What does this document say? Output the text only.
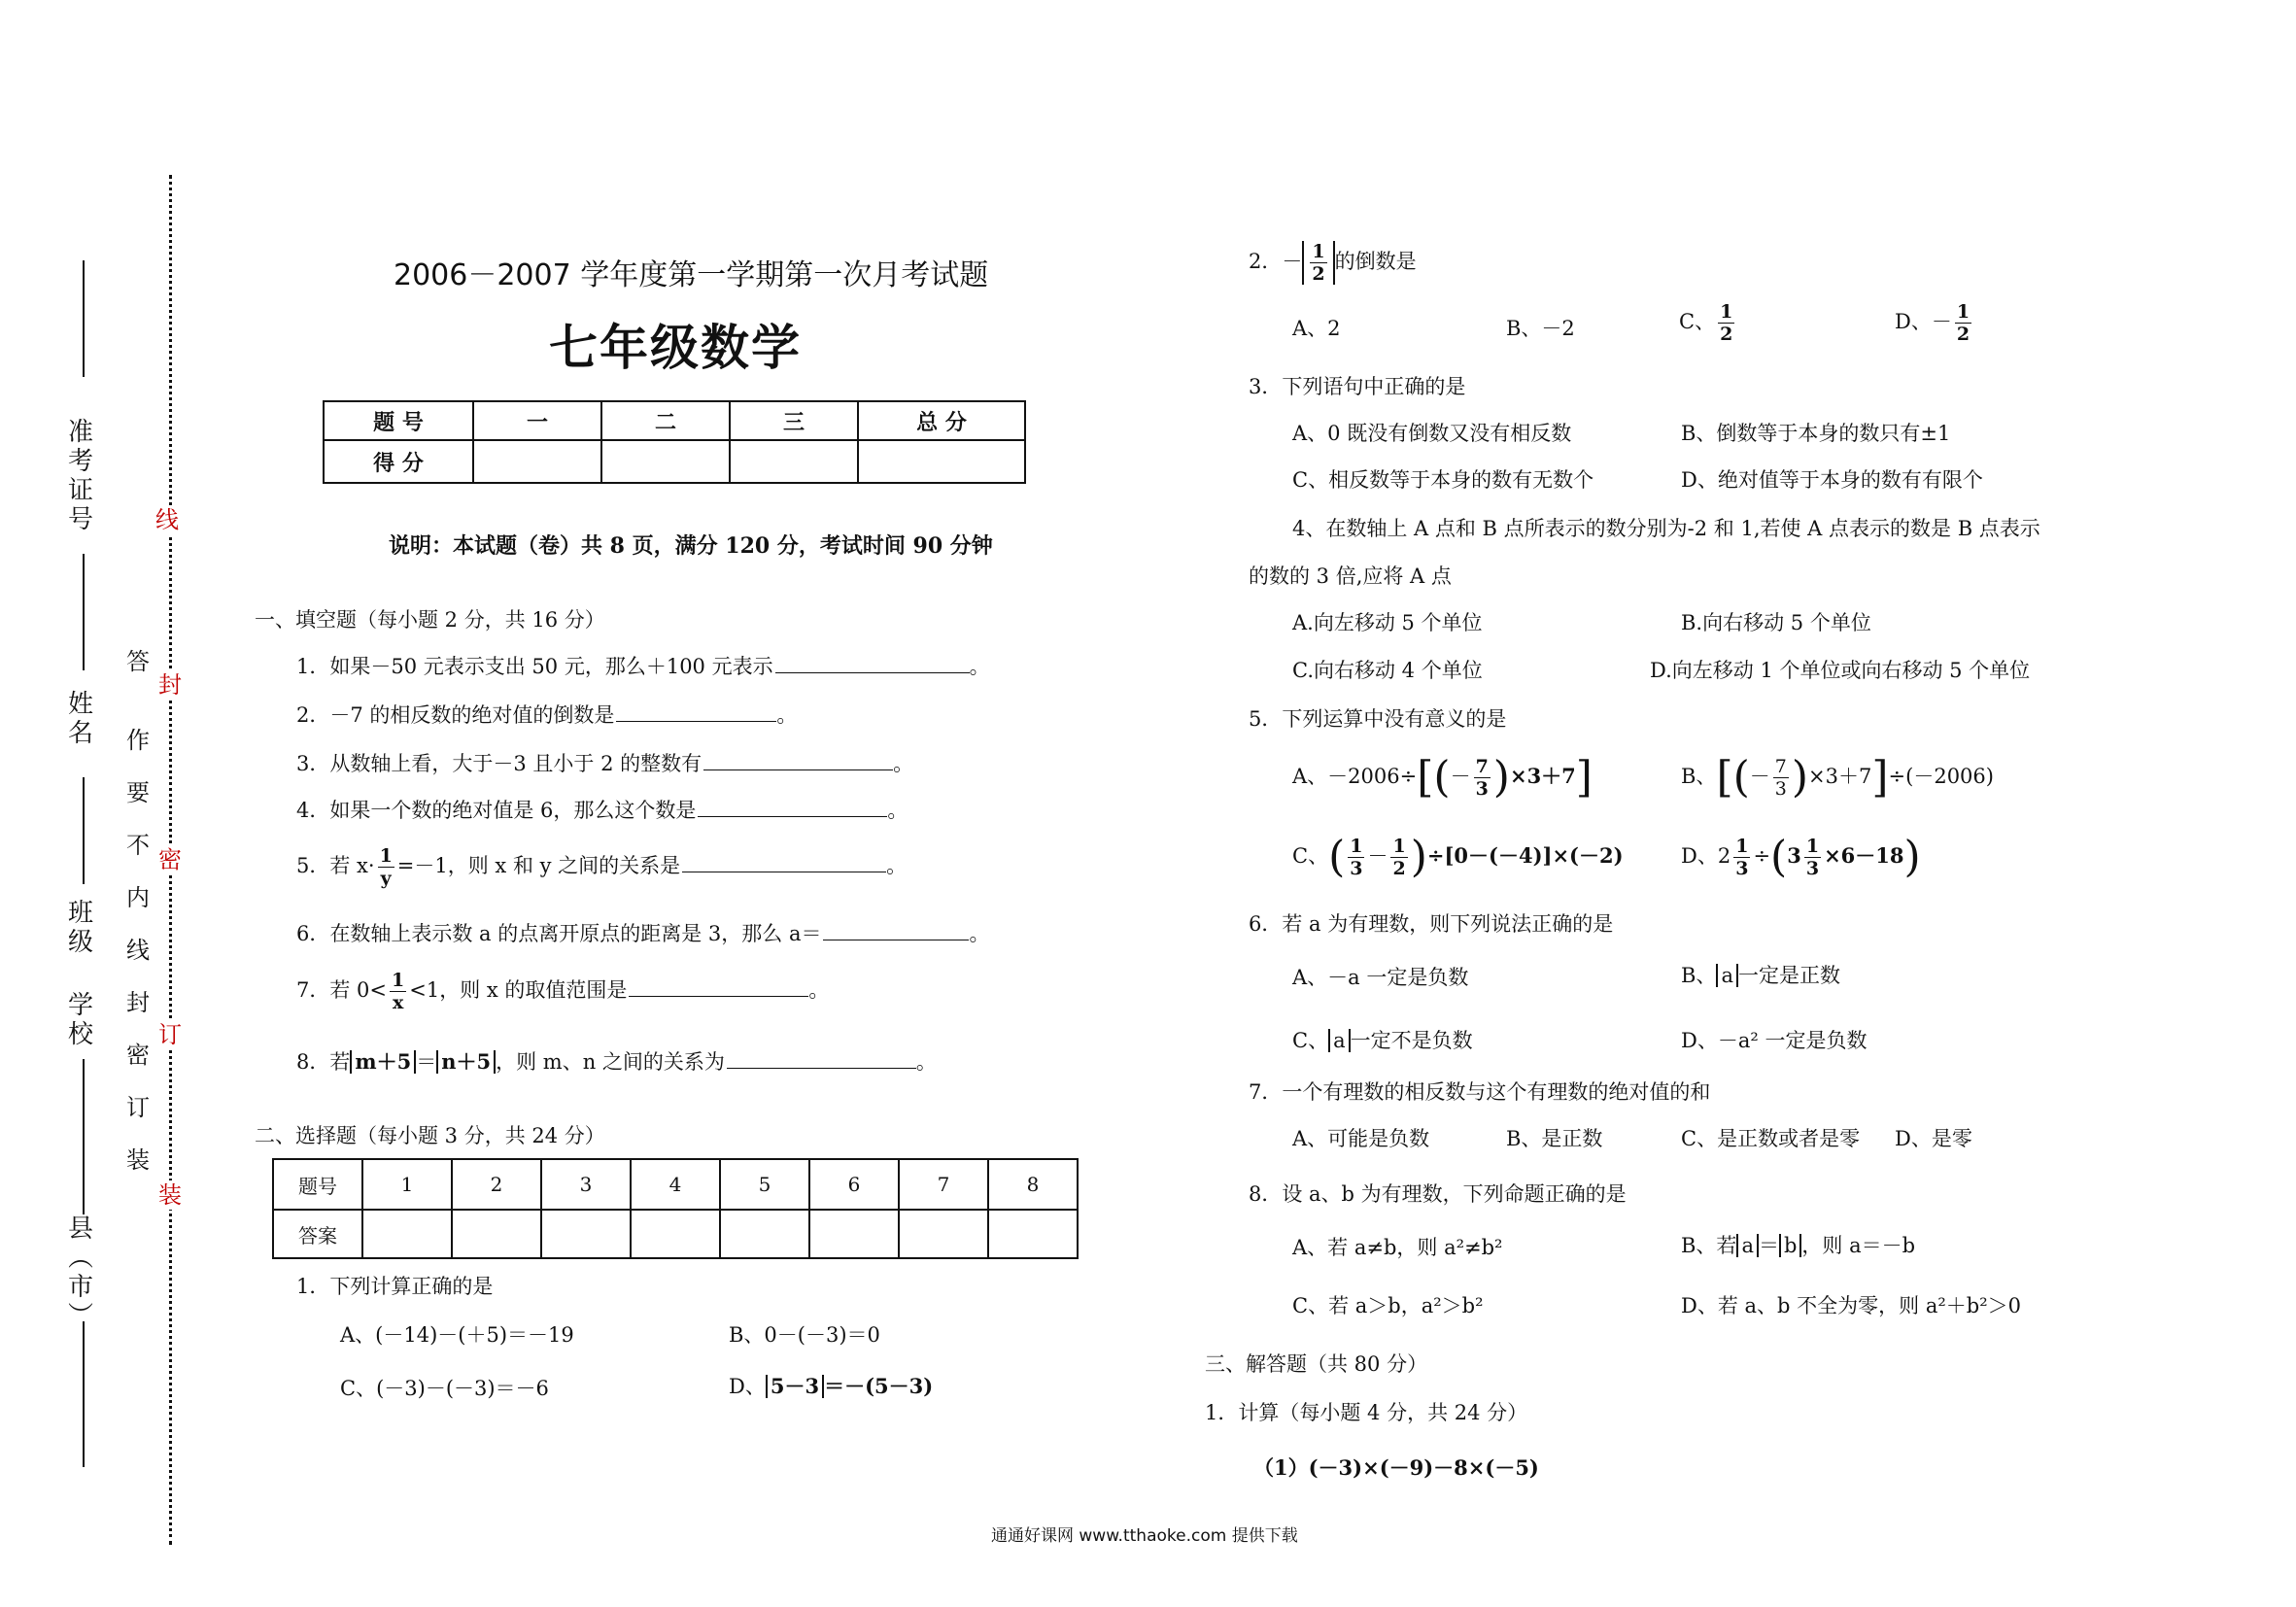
准
考
证
号
姓
名
班
级
学
校
县
︵
市
︶
线
答

作

要

不

内

线

封

密

订

装
封
密
订
装
2006－2007 学年度第一学期第一次月考试题
七年级数学
题 号	一	二	三	总 分
得 分				
说明：本试题（卷）共 8 页，满分 120 分，考试时间 90 分钟
一、填空题（每小题 2 分，共 16 分）
1．如果－50 元表示支出 50 元，那么＋100 元表示	。
2．－7 的相反数的绝对值的倒数是	。
3．从数轴上看，大于－3 且小于 2 的整数有	。
4．如果一个数的绝对值是 6，那么这个数是	。
5．若 $x\cdot \frac{1}{y} =-1$，则 x 和 y 之间的关系是	。
6．在数轴上表示数 a 的点离开原点的距离是 3，那么 a＝	。
7．若 $0< \frac{1}{x} <1$，则 x 的取值范围是	。
8．若 m＋5 ＝ n＋5 ，则 m、n 之间的关系为	。
二、选择题（每小题 3 分，共 24 分）
题号	1	2	3	4	5	6	7	8
答案								
1．下列计算正确的是
A、(－14)－(＋5)＝－19	B、0－(－3)＝0
C、(－3)－(－3)＝－6	D、 5－3 ＝－(5－3)
2．－ $\frac{1}{2}$ 的倒数是
A、2	B、－2	C、 $\frac{1}{2}$	D、－ $\frac{1}{2}$
3．下列语句中正确的是
A、0 既没有倒数又没有相反数	B、倒数等于本身的数只有±1
C、相反数等于本身的数有无数个	D、绝对值等于本身的数有有限个
4、在数轴上 A 点和 B 点所表示的数分别为-2 和 1,若使 A 点表示的数是 B 点表示
的数的 3 倍,应将 A 点
A.向左移动 5 个单位	B.向右移动 5 个单位
C.向右移动 4 个单位	D.向左移动 1 个单位或向右移动 5 个单位
5．下列运算中没有意义的是
A、$-2006\div[(- \frac{7}{3} )\times 3+7]$	B、[(－ $\frac{7}{3} )\times 3+7]\div(-2006)$
C、( $\frac{1}{3} - \frac{1}{2} )\div[0-(-4)]\times(-2)$	D、$2 \frac{1}{3} \div(3 \frac{1}{3} \times 6-18)$
6．若 a 为有理数，则下列说法正确的是
A、－a 一定是负数	B、 a 一定是正数
C、 a 一定不是负数	D、－a² 一定是负数
7．一个有理数的相反数与这个有理数的绝对值的和
A、可能是负数	B、是正数	C、是正数或者是零 D、是零
8．设 a、b 为有理数，下列命题正确的是
A、若 a≠b，则 a²≠b²	B、若 a ＝ b ，则 a＝－b
C、若 a＞b，a²＞b²	D、若 a、b 不全为零，则 a²＋b²＞0
三、解答题（共 80 分）
1．计算（每小题 4 分，共 24 分）
（1）(－3)×(－9)－8×(－5)
通通好课网 www.tthaoke.com 提供下载
